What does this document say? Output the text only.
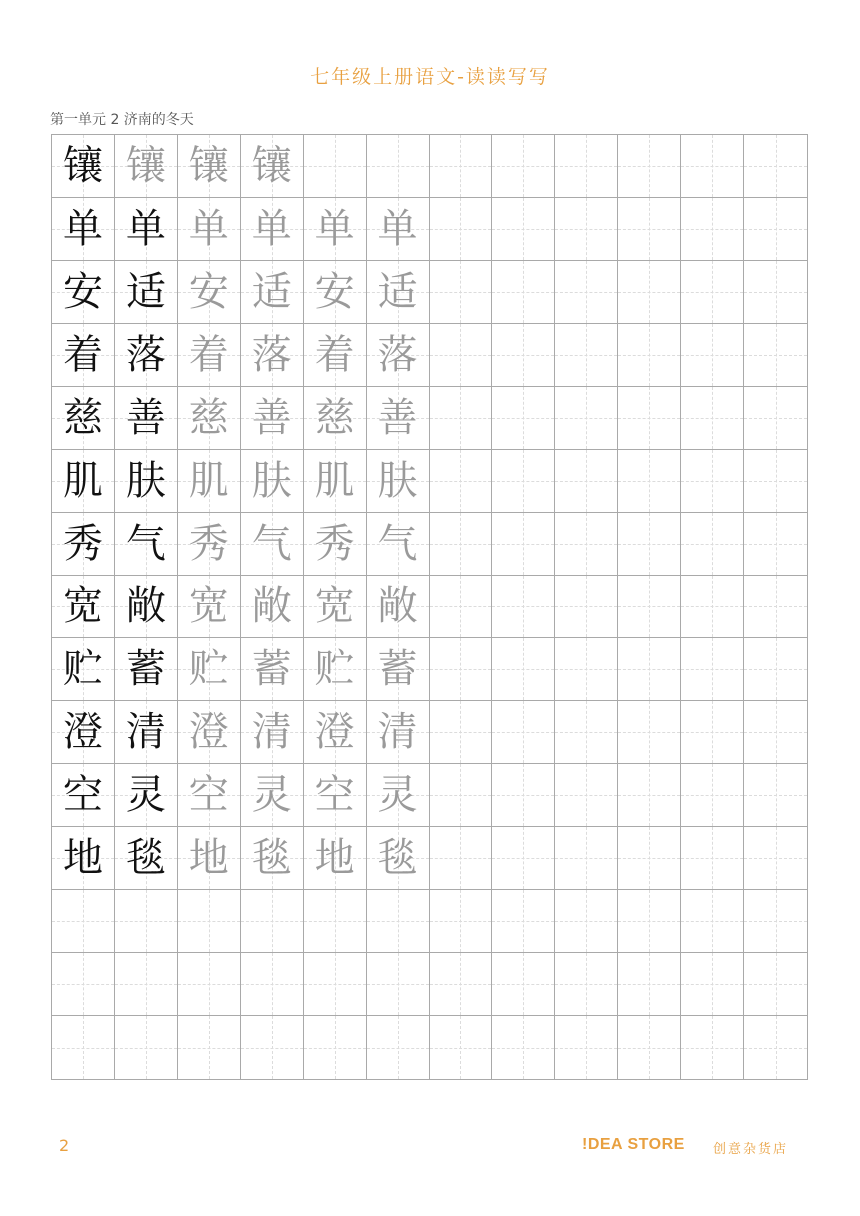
七年级上册语文-读读写写
第一单元 2 济南的冬天
镶 镶 镶 镶
单 单 单 单 单 单
安 适 安 适 安 适
着 落 着 落 着 落
慈 善 慈 善 慈 善
肌 肤 肌 肤 肌 肤
秀 气 秀 气 秀 气
宽 敞 宽 敞 宽 敞
贮 蓄 贮 蓄 贮 蓄
澄 清 澄 清 澄 清
空 灵 空 灵 空 灵
地 毯 地 毯 地 毯
2	!DEA STORE 创意杂货店
